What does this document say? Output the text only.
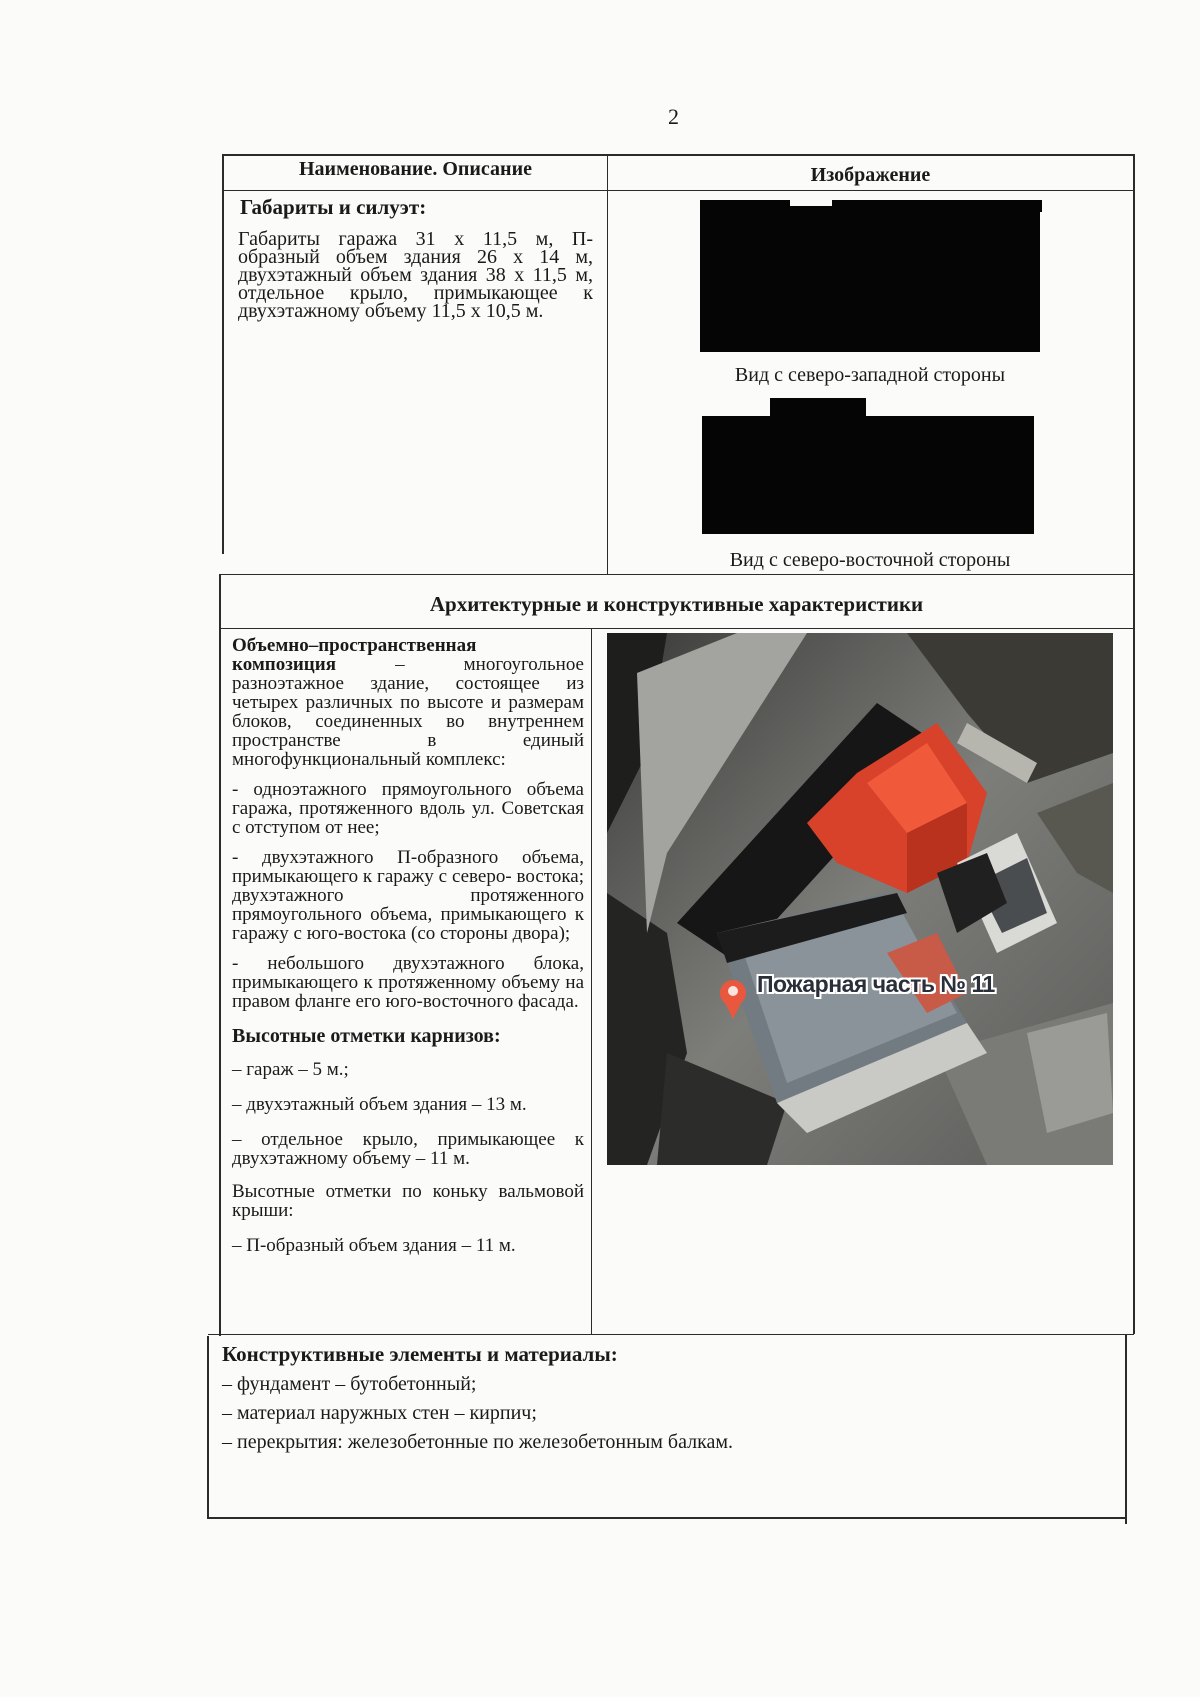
2
Наименование. Описание	Изображение
Габариты и силуэт:
Габариты гаража 31 х 11,5 м, П- образный объем здания 26 х 14 м, двухэтажный объем здания 38 х 11,5 м, отдельное крыло, примыкающее к двухэтажному объему 11,5 х 10,5 м.
Вид с северо-западной стороны
Вид с северо-восточной стороны
Архитектурные и конструктивные характеристики

Объемно–пространственная композиция – многоугольное разноэтажное здание, состоящее из четырех различных по высоте и размерам блоков, соединенных во внутреннем пространстве в единый многофункциональный комплекс:

- одноэтажного прямоугольного объема гаража, протяженного вдоль ул. Советская с отступом от нее;

- двухэтажного П-образного объема, примыкающего к гаражу с северо- востока; двухэтажного протяженного прямоугольного объема, примыкающего к гаражу с юго-востока (со стороны двора);

- небольшого двухэтажного блока, примыкающего к протяженному объему на правом фланге его юго-восточного фасада.

Высотные отметки карнизов:

– гараж – 5 м.;

– двухэтажный объем здания – 13 м.

– отдельное крыло, примыкающее к двухэтажному объему – 11 м.

Высотные отметки по коньку вальмовой крыши:

– П-образный объем здания – 11 м.

Пожарная часть № 11
Конструктивные элементы и материалы:
– фундамент – бутобетонный;
– материал наружных стен – кирпич;
– перекрытия: железобетонные по железобетонным балкам.
